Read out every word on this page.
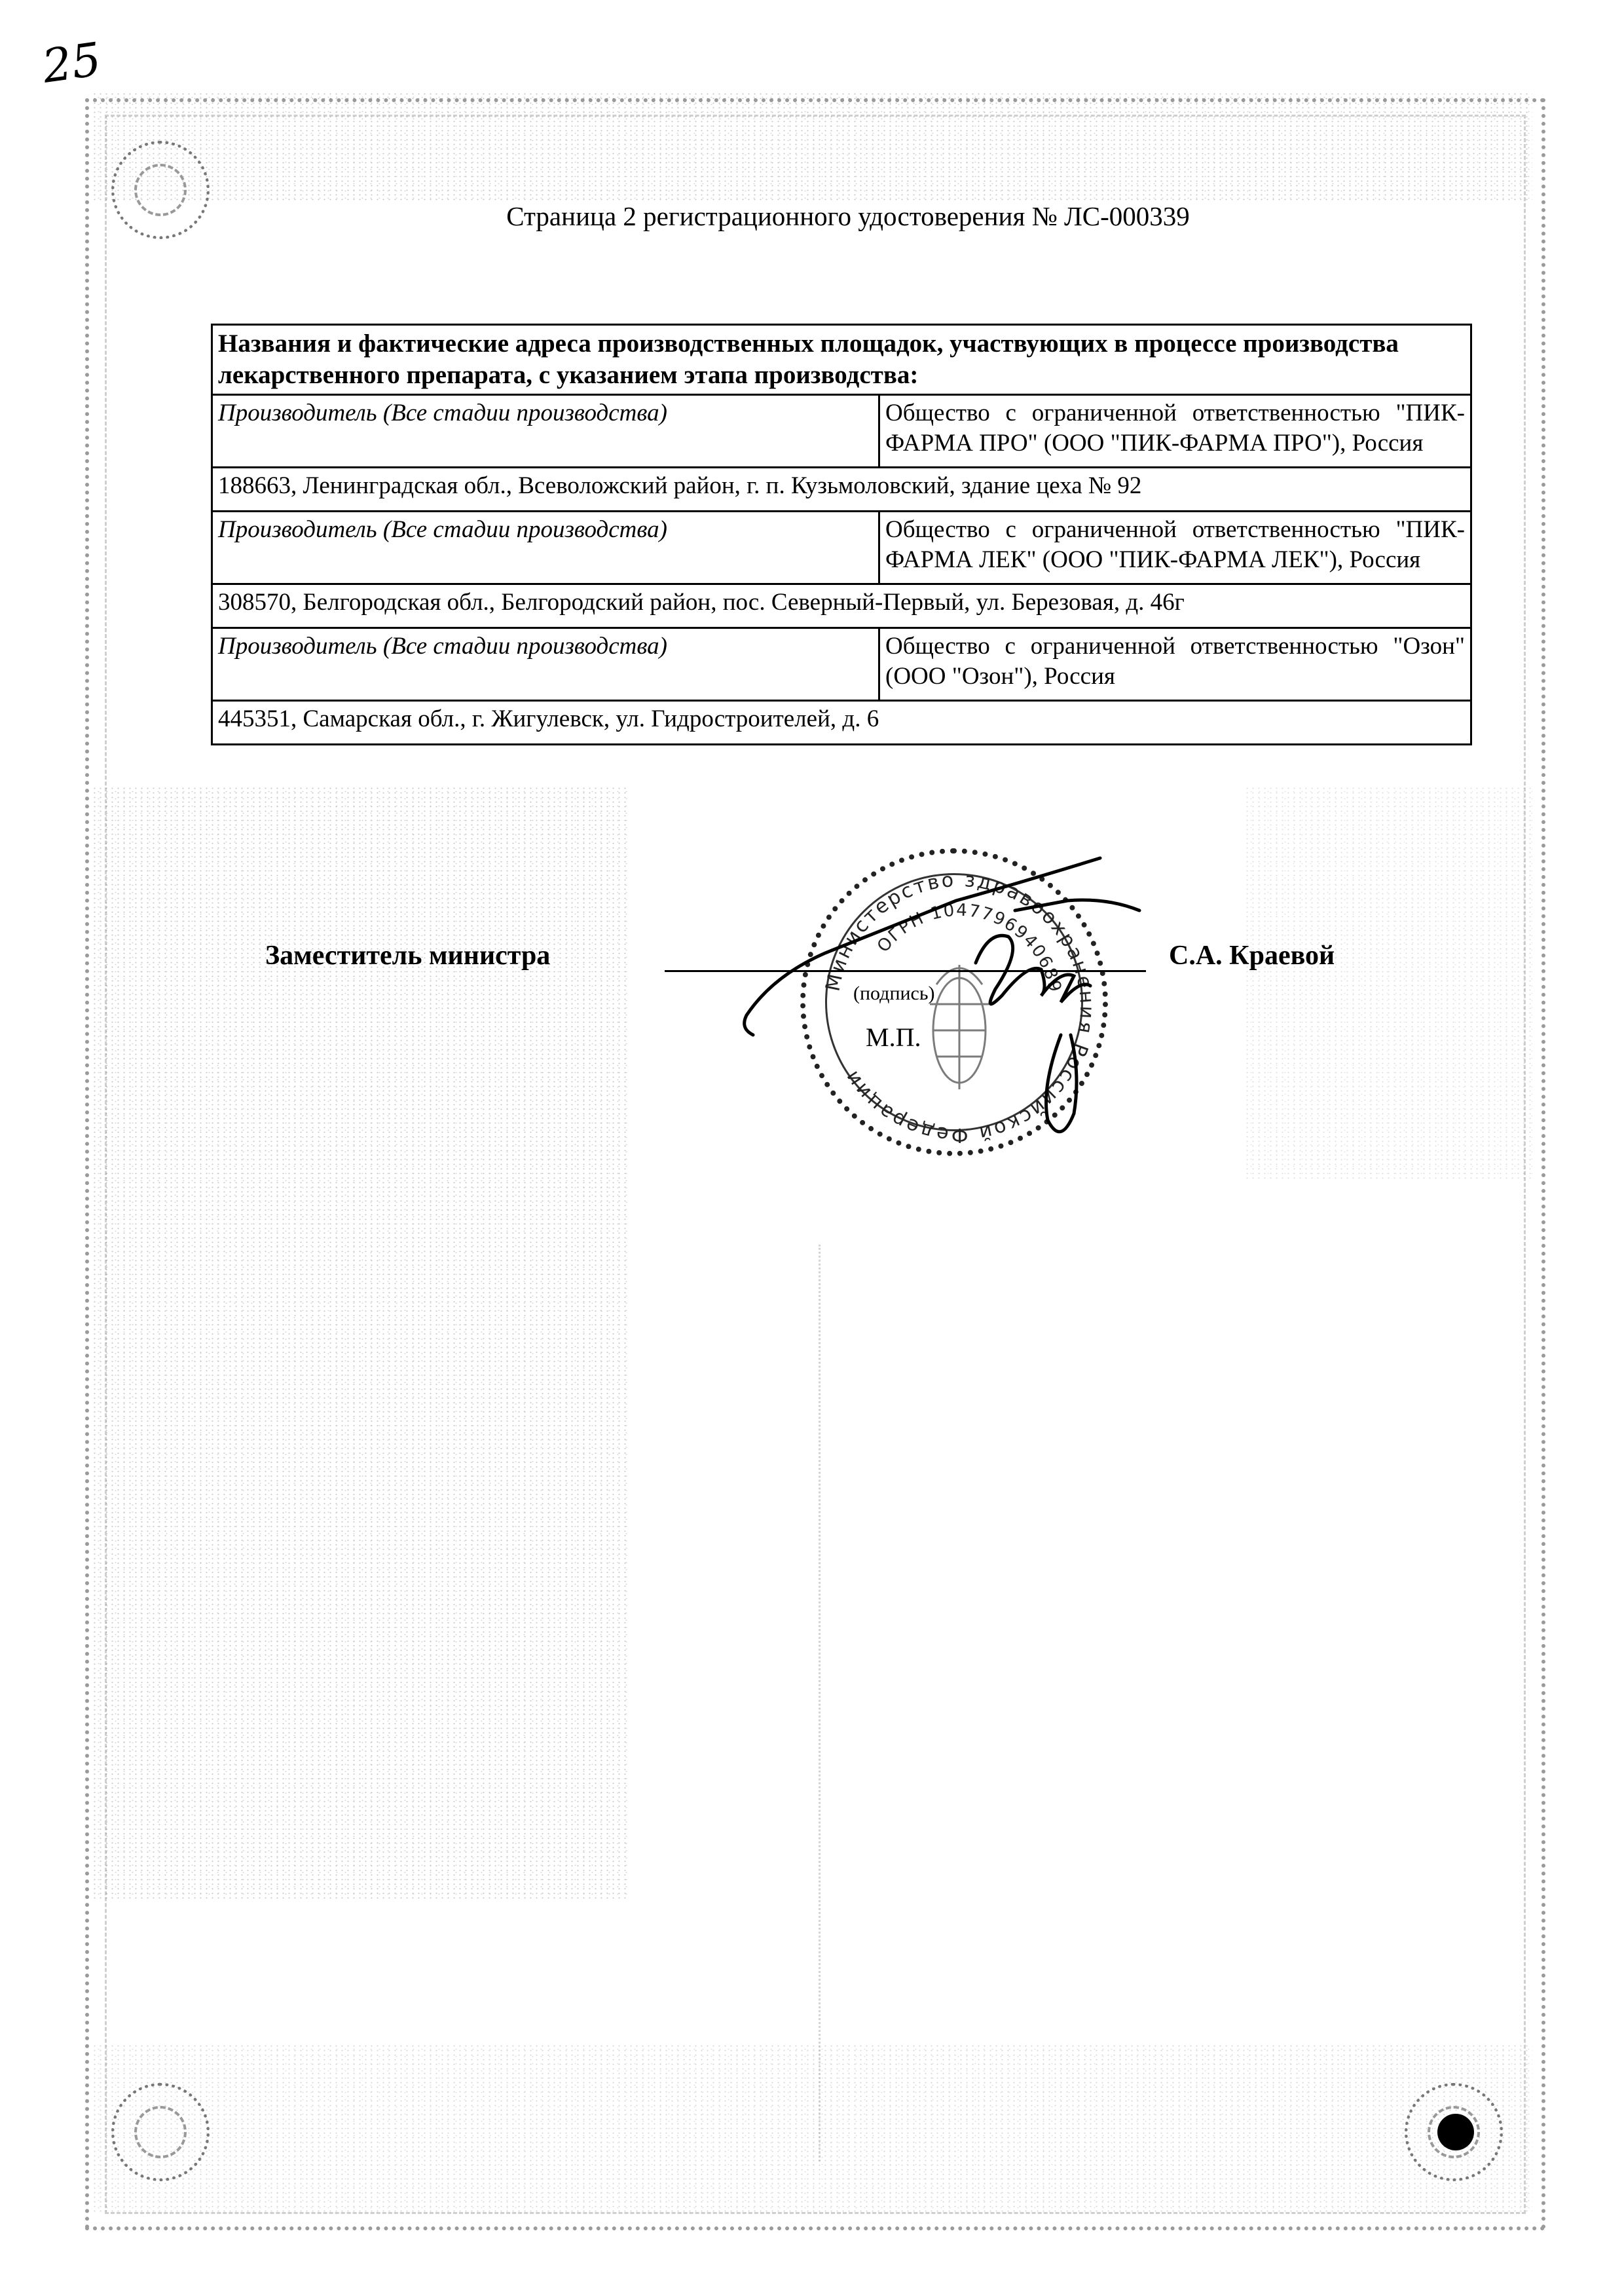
25
Страница 2 регистрационного удостоверения № ЛС-000339
Названия и фактические адреса производственных площадок, участвующих в процессе производства лекарственного препарата, с указанием этапа производства:	
Производитель (Все стадии производства)	Общество с ограниченной ответственностью "ПИК-ФАРМА ПРО" (ООО "ПИК-ФАРМА ПРО"), Россия
188663, Ленинградская обл., Всеволожский район, г. п. Кузьмоловский, здание цеха № 92	
Производитель (Все стадии производства)	Общество с ограниченной ответственностью "ПИК-ФАРМА ЛЕК" (ООО "ПИК-ФАРМА ЛЕК"), Россия
308570, Белгородская обл., Белгородский район, пос. Северный-Первый, ул. Березовая, д. 46г	
Производитель (Все стадии производства)	Общество с ограниченной ответственностью "Озон" (ООО "Озон"), Россия
445351, Самарская обл., г. Жигулевск, ул. Гидростроителей, д. 6	
Министерство здравоохранения Российской Федерации
ОГРН 1047796940689
Заместитель министра	С.А. Краевой
(подпись)
М.П.
